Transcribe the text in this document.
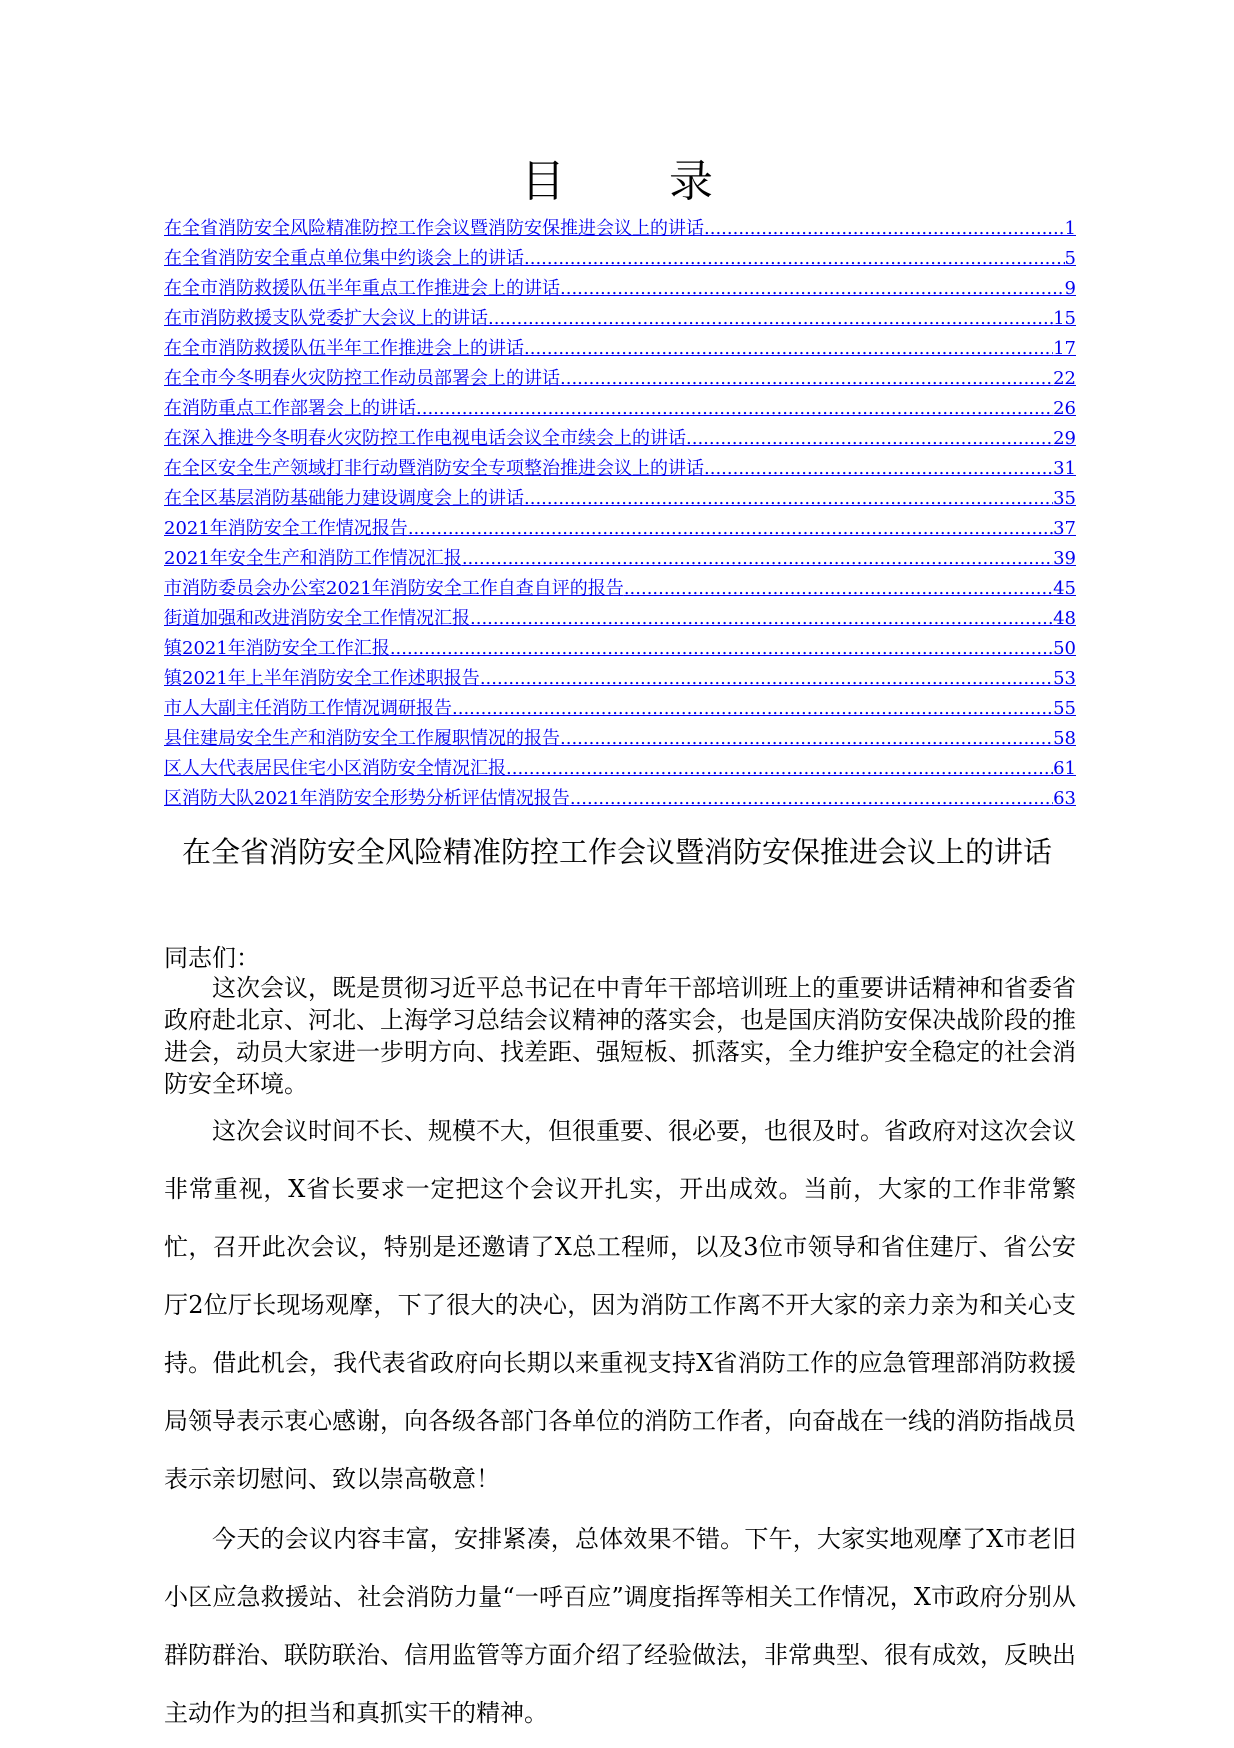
目　录
在全省消防安全风险精准防控工作会议暨消防安保推进会议上的讲话 .....	1
在全省消防安全重点单位集中约谈会上的讲话 .....	5
在全市消防救援队伍半年重点工作推进会上的讲话 .....	9
在市消防救援支队党委扩大会议上的讲话 .....	15
在全市消防救援队伍半年工作推进会上的讲话 .....	17
在全市今冬明春火灾防控工作动员部署会上的讲话 .....	22
在消防重点工作部署会上的讲话 .....	26
在深入推进今冬明春火灾防控工作电视电话会议全市续会上的讲话 .....	29
在全区安全生产领域打非行动暨消防安全专项整治推进会议上的讲话 .....	31
在全区基层消防基础能力建设调度会上的讲话 .....	35
2021年消防安全工作情况报告 .....	37
2021年安全生产和消防工作情况汇报 .....	39
市消防委员会办公室2021年消防安全工作自查自评的报告 .....	45
街道加强和改进消防安全工作情况汇报 .....	48
镇2021年消防安全工作汇报 .....	50
镇2021年上半年消防安全工作述职报告 .....	53
市人大副主任消防工作情况调研报告 .....	55
县住建局安全生产和消防安全工作履职情况的报告 .....	58
区人大代表居民住宅小区消防安全情况汇报 .....	61
区消防大队2021年消防安全形势分析评估情况报告 .....	63
在全省消防安全风险精准防控工作会议暨消防安保推进会议上的讲话

同志们：

这次会议，既是贯彻习近平总书记在中青年干部培训班上的重要讲话精神和省委省政府赴北京、河北、上海学习总结会议精神的落实会，也是国庆消防安保决战阶段的推进会，动员大家进一步明方向、找差距、强短板、抓落实，全力维护安全稳定的社会消防安全环境。

这次会议时间不长、规模不大，但很重要、很必要，也很及时。省政府对这次会议非常重视，X省长要求一定把这个会议开扎实，开出成效。当前，大家的工作非常繁忙，召开此次会议，特别是还邀请了X总工程师，以及3位市领导和省住建厅、省公安厅2位厅长现场观摩，下了很大的决心，因为消防工作离不开大家的亲力亲为和关心支持。借此机会，我代表省政府向长期以来重视支持X省消防工作的应急管理部消防救援局领导表示衷心感谢，向各级各部门各单位的消防工作者，向奋战在一线的消防指战员表示亲切慰问、致以崇高敬意！

今天的会议内容丰富，安排紧凑，总体效果不错。下午，大家实地观摩了X市老旧小区应急救援站、社会消防力量“一呼百应”调度指挥等相关工作情况，X市政府分别从群防群治、联防联治、信用监管等方面介绍了经验做法，非常典型、很有成效，反映出主动作为的担当和真抓实干的精神。
